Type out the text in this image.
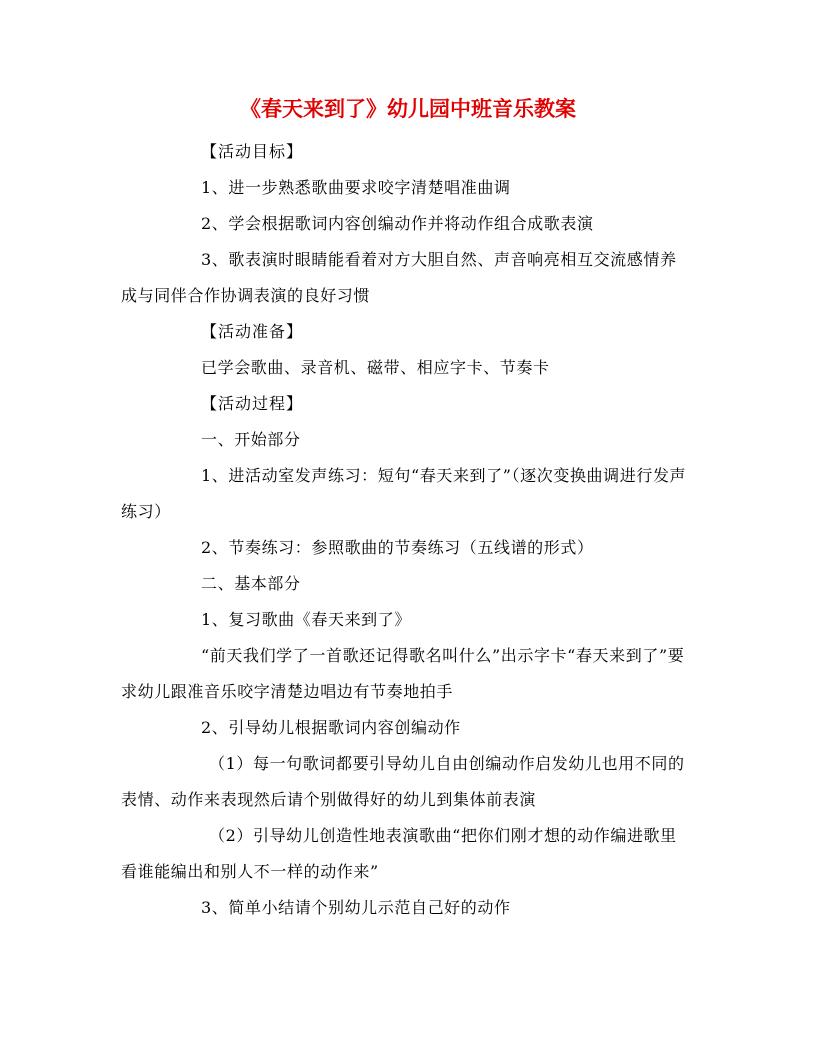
《春天来到了》幼儿园中班音乐教案

【活动目标】

1、进一步熟悉歌曲要求咬字清楚唱准曲调

2、学会根据歌词内容创编动作并将动作组合成歌表演

3、歌表演时眼睛能看着对方大胆自然、声音响亮相互交流感情养成与同伴合作协调表演的良好习惯

【活动准备】

已学会歌曲、录音机、磁带、相应字卡、节奏卡

【活动过程】

一、开始部分

1、进活动室发声练习：短句“春天来到了”（逐次变换曲调进行发声练习）

2、节奏练习：参照歌曲的节奏练习（五线谱的形式）

二、基本部分

1、复习歌曲《春天来到了》

“前天我们学了一首歌还记得歌名叫什么”出示字卡“春天来到了”要求幼儿跟准音乐咬字清楚边唱边有节奏地拍手

2、引导幼儿根据歌词内容创编动作

（1）每一句歌词都要引导幼儿自由创编动作启发幼儿也用不同的表情、动作来表现然后请个别做得好的幼儿到集体前表演

（2）引导幼儿创造性地表演歌曲“把你们刚才想的动作编进歌里看谁能编出和别人不一样的动作来”

3、简单小结请个别幼儿示范自己好的动作
